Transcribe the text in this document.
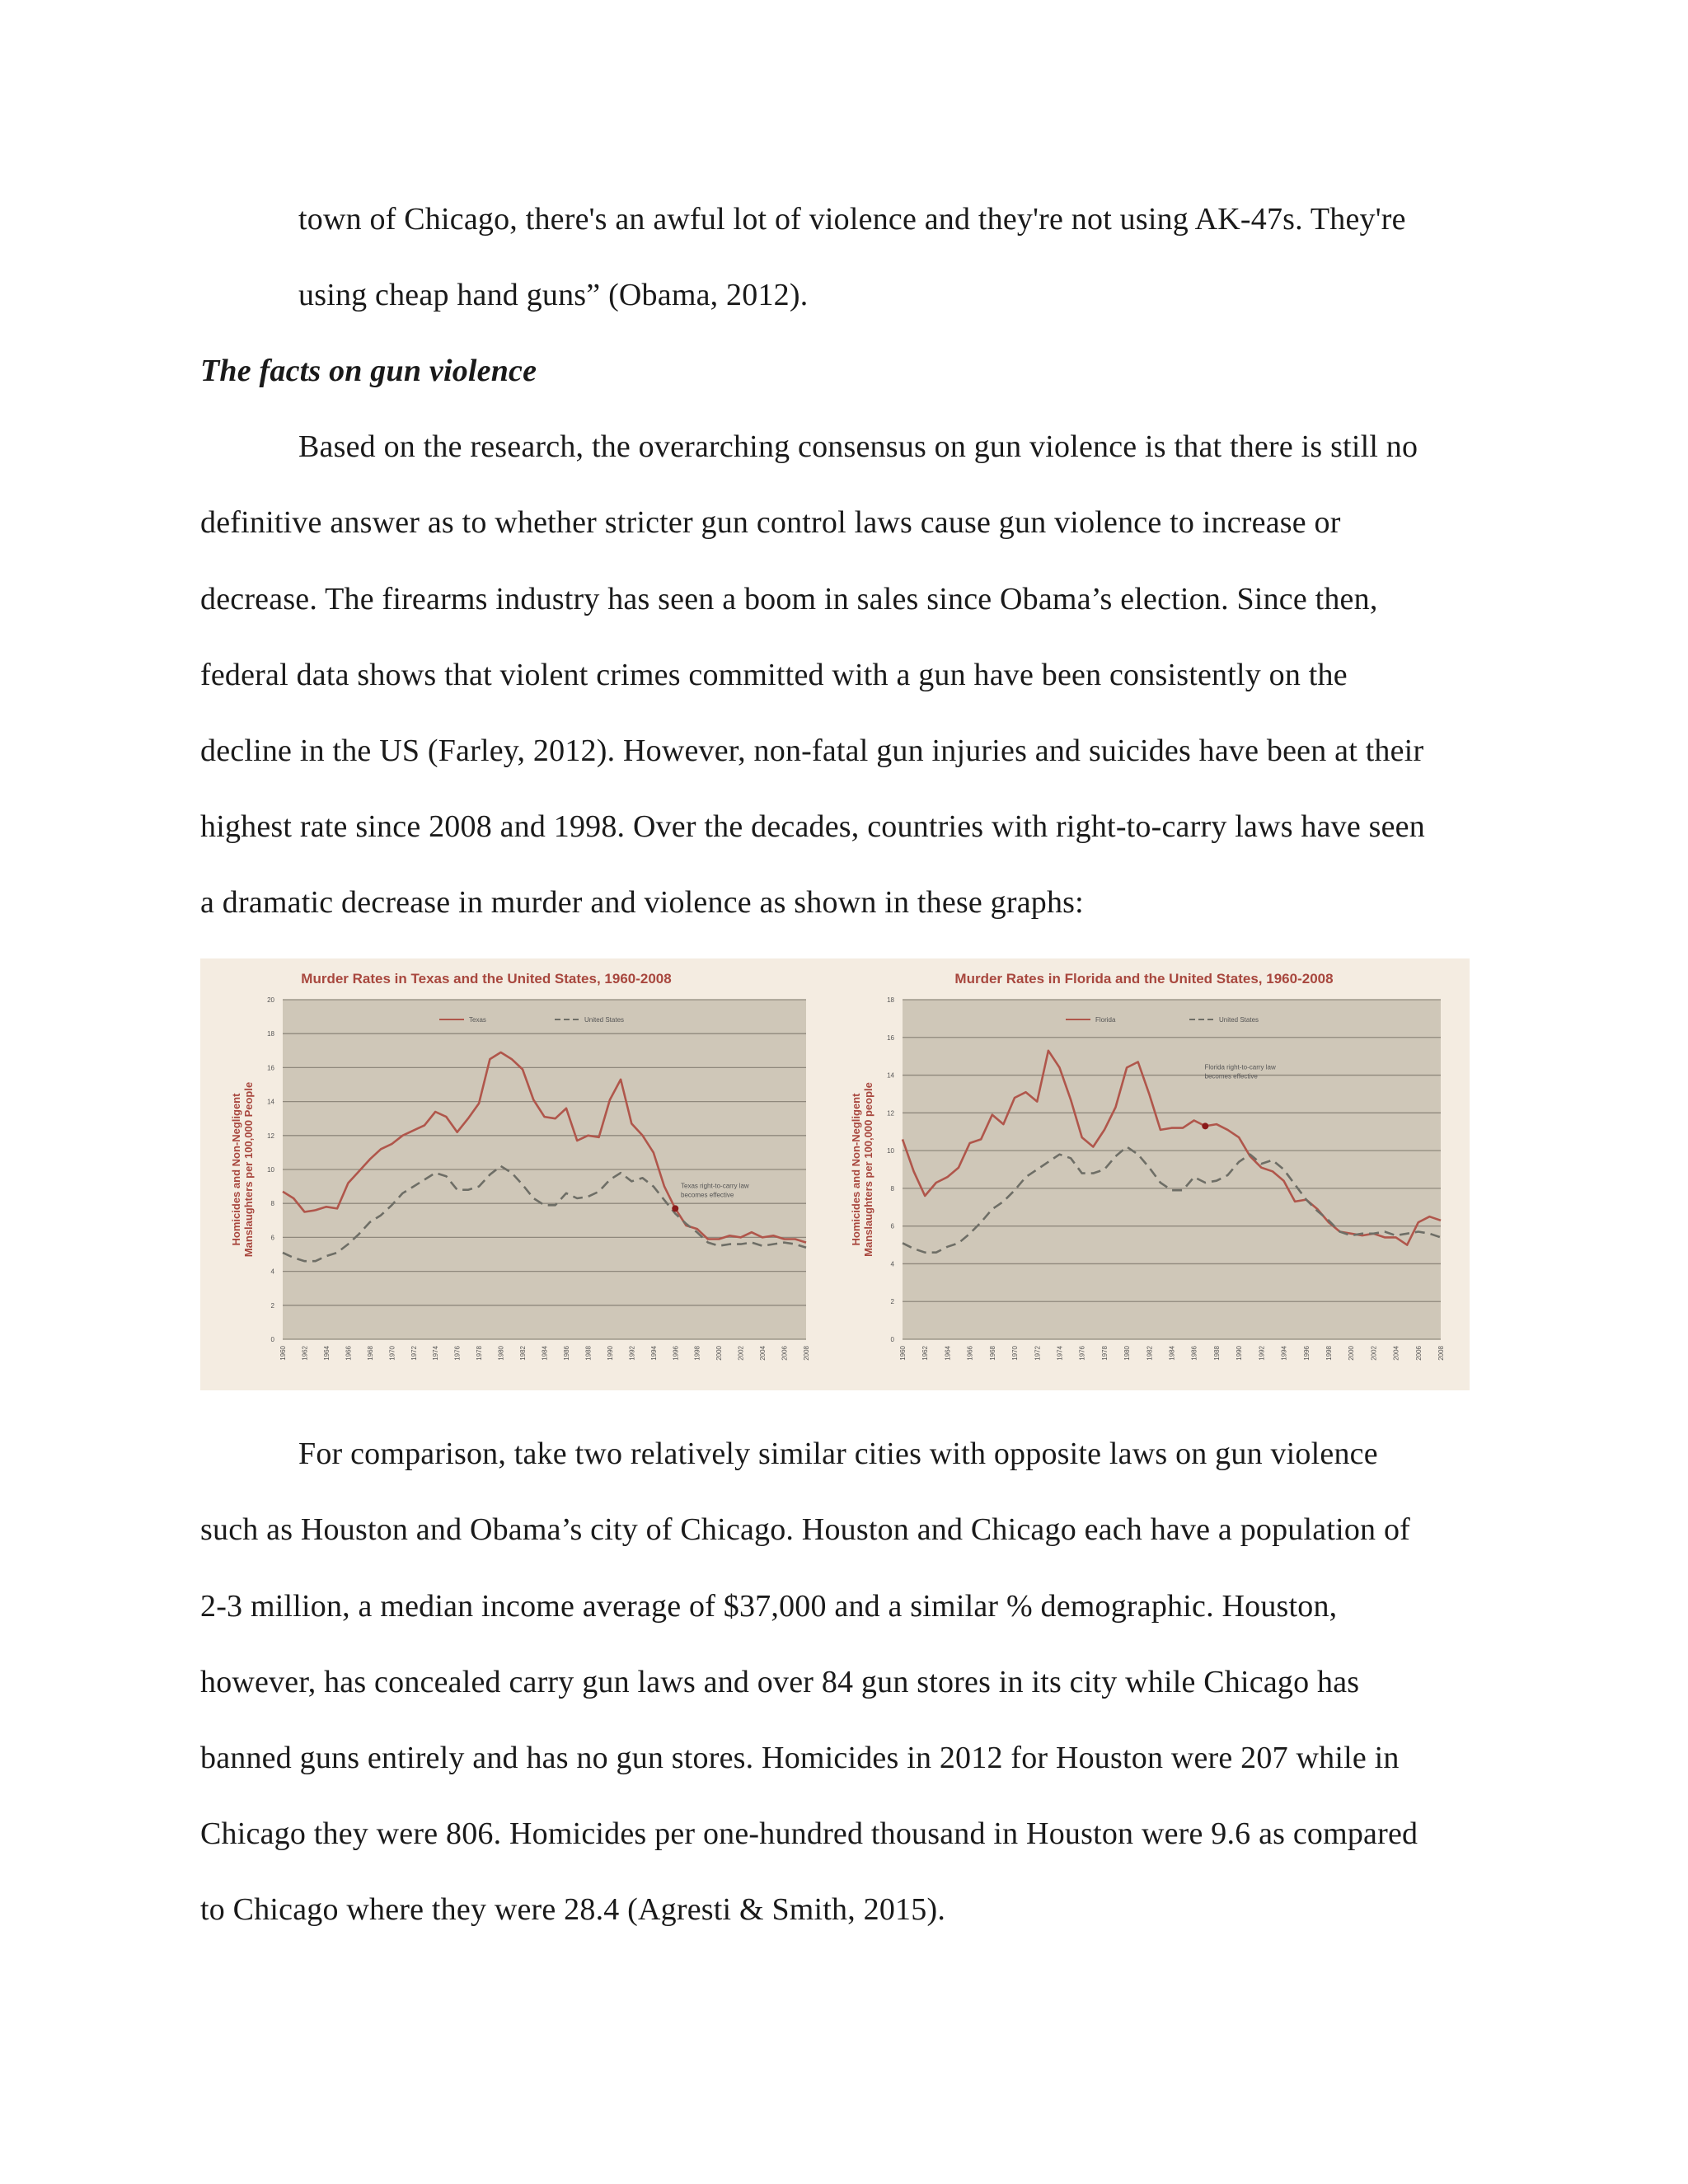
town of Chicago, there's an awful lot of violence and they're not using AK-47s. They're
using cheap hand guns” (Obama, 2012).
The facts on gun violence
Based on the research, the overarching consensus on gun violence is that there is still no
definitive answer as to whether stricter gun control laws cause gun violence to increase or
decrease. The firearms industry has seen a boom in sales since Obama’s election. Since then,
federal data shows that violent crimes committed with a gun have been consistently on the
decline in the US (Farley, 2012). However, non-fatal gun injuries and suicides have been at their
highest rate since 2008 and 1998. Over the decades, countries with right-to-carry laws have seen
a dramatic decrease in murder and violence as shown in these graphs:
0
2
4
6
8
10
12
14
16
18
20
1960 1962 1964 1966 1968 1970 1972 1974 1976 1978 1980 1982 1984 1986 1988 1990 1992 1994 1996 1998 2000 2002 2004 2006 2008
Murder Rates in Texas and the United States, 1960-2008
Homicides and Non-Negligent Manslaughters per 100,000 People
Texas	United States
Texas right-to-carry law
becomes effective
0
2
4
6
8
10
12
14
16
18
1960 1962 1964 1966 1968 1970 1972 1974 1976 1978 1980 1982 1984 1986 1988 1990 1992 1994 1996 1998 2000 2002 2004 2006 2008
Murder Rates in Florida and the United States, 1960-2008
Homicides and Non-Negligent Manslaughters per 100,000 people
Florida	United States
Florida right-to-carry law
becomes effective
For comparison, take two relatively similar cities with opposite laws on gun violence
such as Houston and Obama’s city of Chicago. Houston and Chicago each have a population of
2-3 million, a median income average of $37,000 and a similar % demographic. Houston,
however, has concealed carry gun laws and over 84 gun stores in its city while Chicago has
banned guns entirely and has no gun stores. Homicides in 2012 for Houston were 207 while in
Chicago they were 806. Homicides per one-hundred thousand in Houston were 9.6 as compared
to Chicago where they were 28.4 (Agresti & Smith, 2015).
